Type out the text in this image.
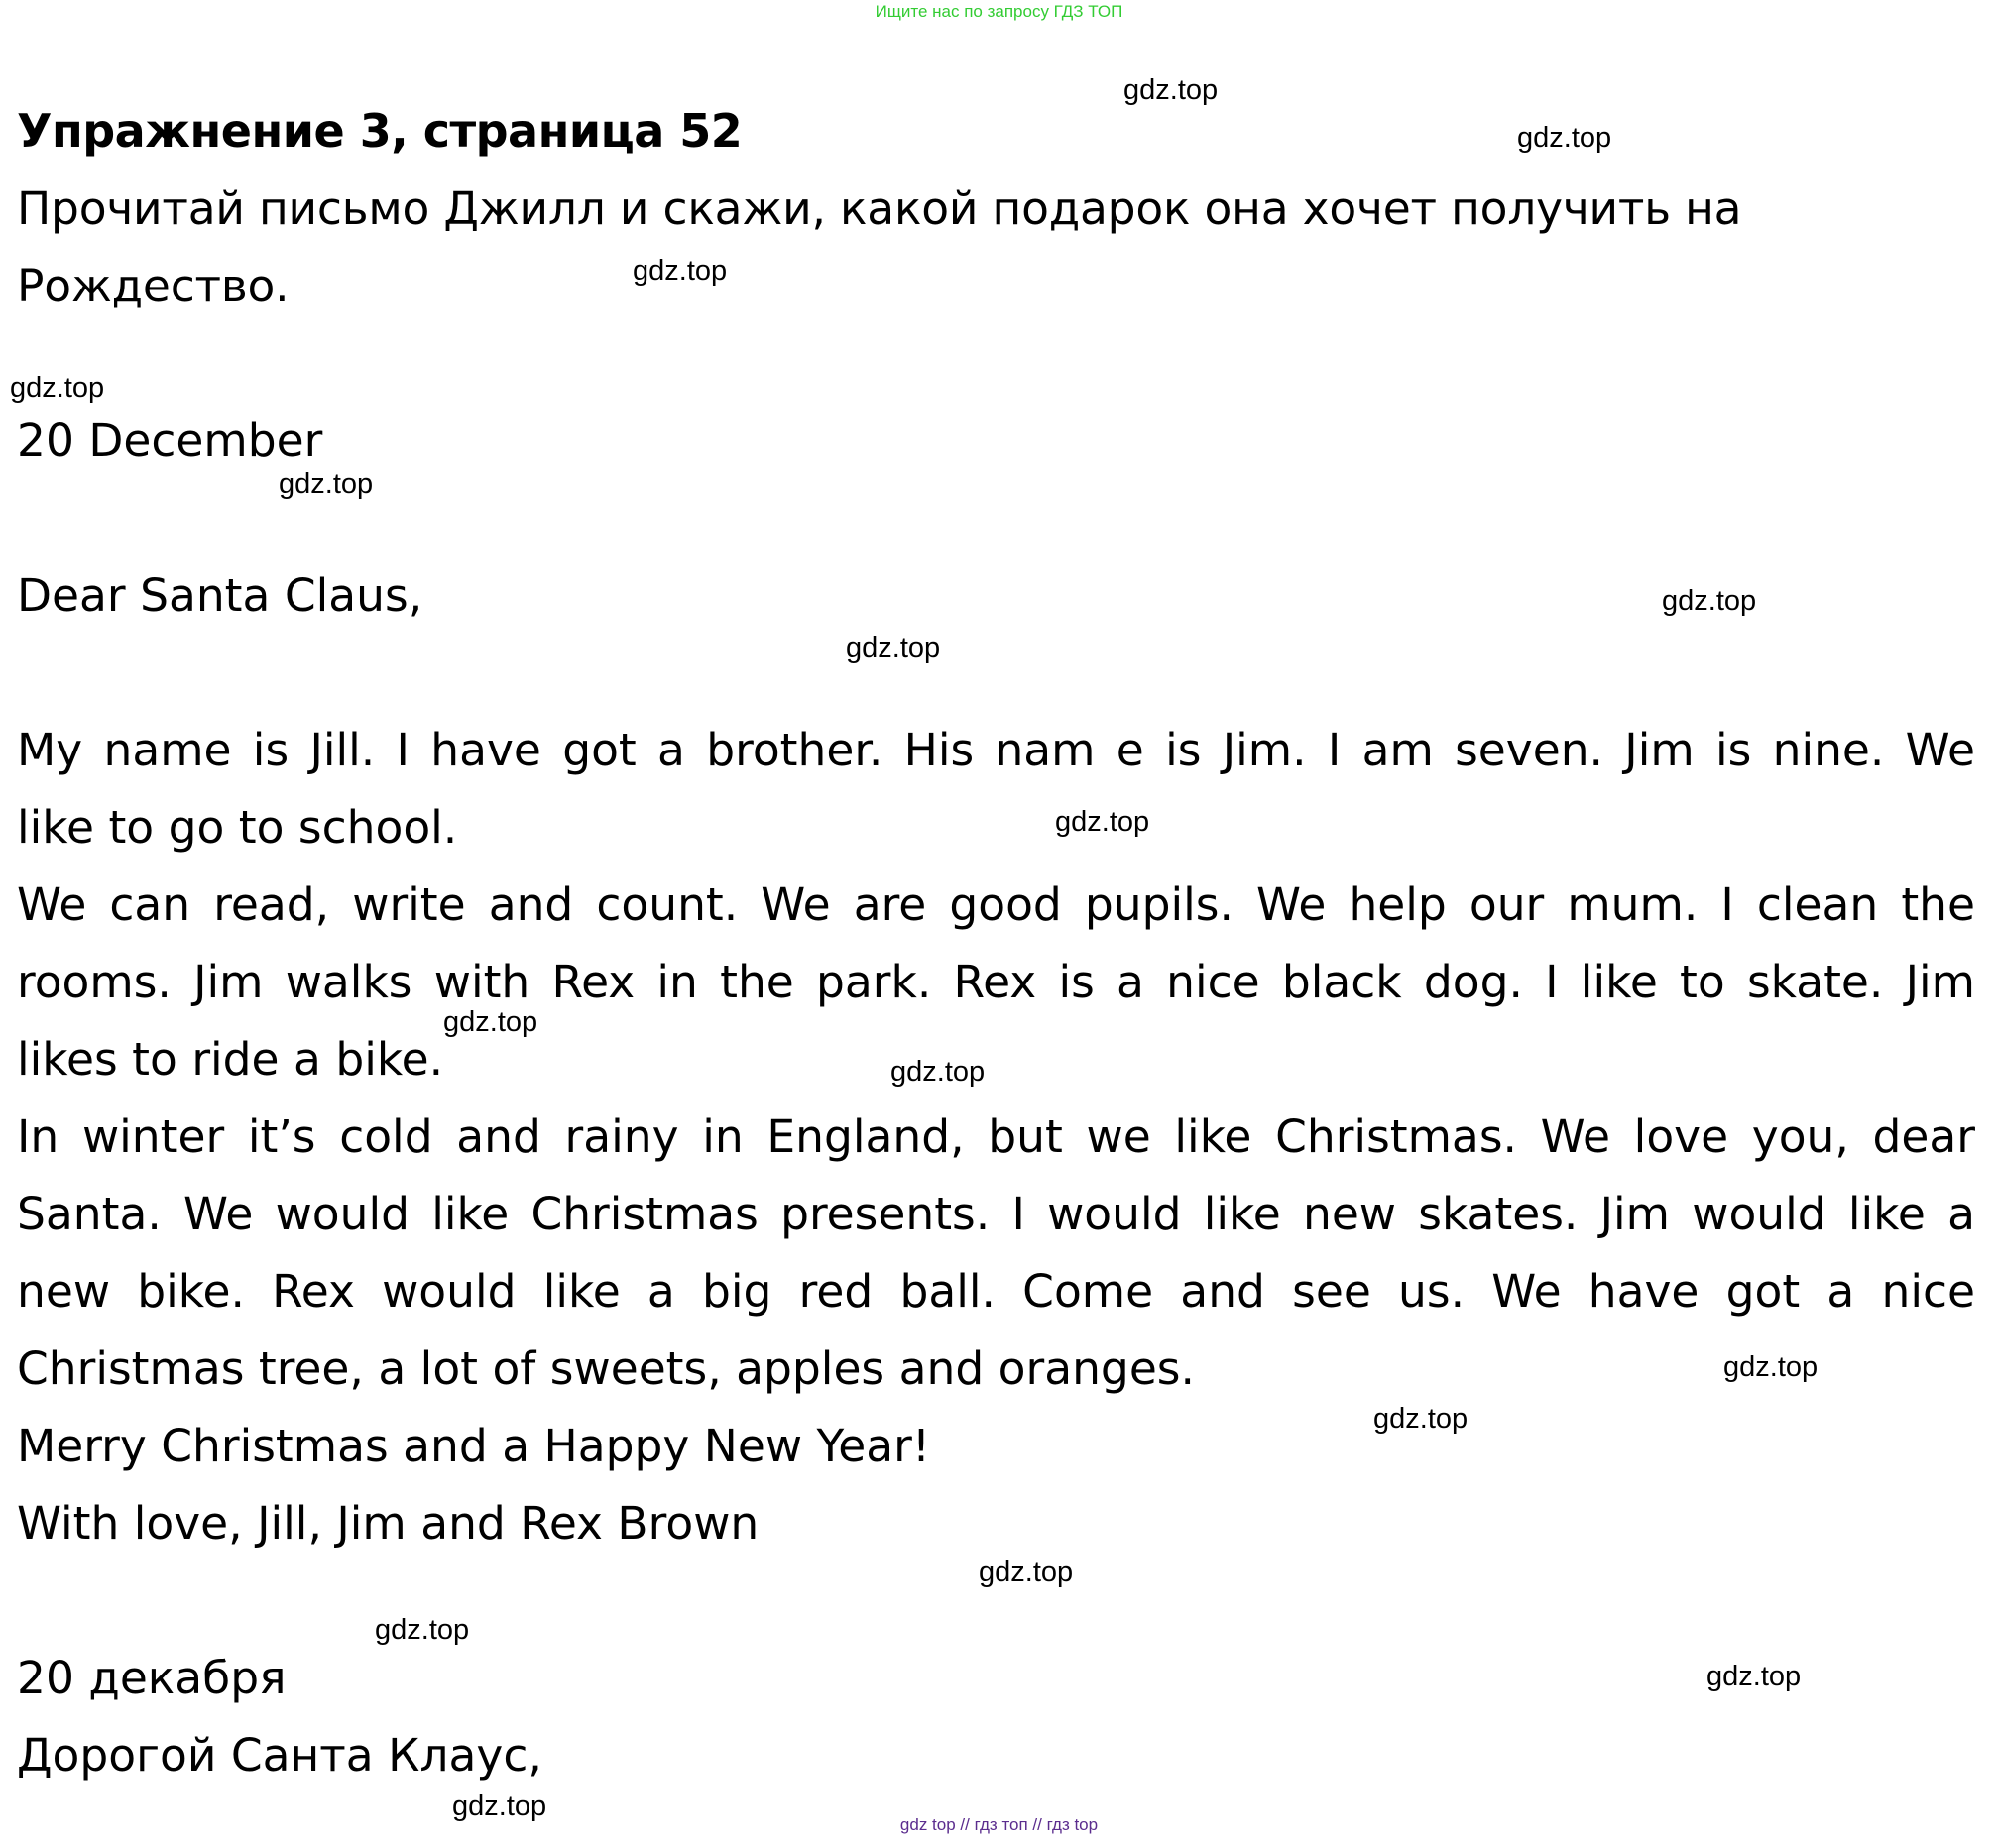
Ищите нас по запросу ГДЗ ТОП
Упражнение 3, страница 52
Прочитай письмо Джилл и скажи, какой подарок она хочет получить на
Рождество.
20 December
Dear Santa Claus,
My name is Jill. I have got a brother. His nam e is Jim. I am seven. Jim is nine. We
like to go to school.
We can read, write and count. We are good pupils. We help our mum. I clean the
rooms. Jim walks with Rex in the park. Rex is a nice black dog. I like to skate. Jim
likes to ride a bike.
In winter it’s cold and rainy in England, but we like Christmas. We love you, dear
Santa. We would like Christmas presents. I would like new skates. Jim would like a
new bike. Rex would like a big red ball. Come and see us. We have got a nice
Christmas tree, a lot of sweets, apples and oranges.
Merry Christmas and a Happy New Year!
With love, Jill, Jim and Rex Brown
20 декабря
Дорогой Санта Клаус,
gdz.top
gdz.top
gdz.top
gdz.top
gdz.top
gdz.top
gdz.top
gdz.top
gdz.top
gdz.top
gdz.top
gdz.top
gdz.top
gdz.top
gdz.top
gdz.top
gdz top // гдз топ // гдз top
